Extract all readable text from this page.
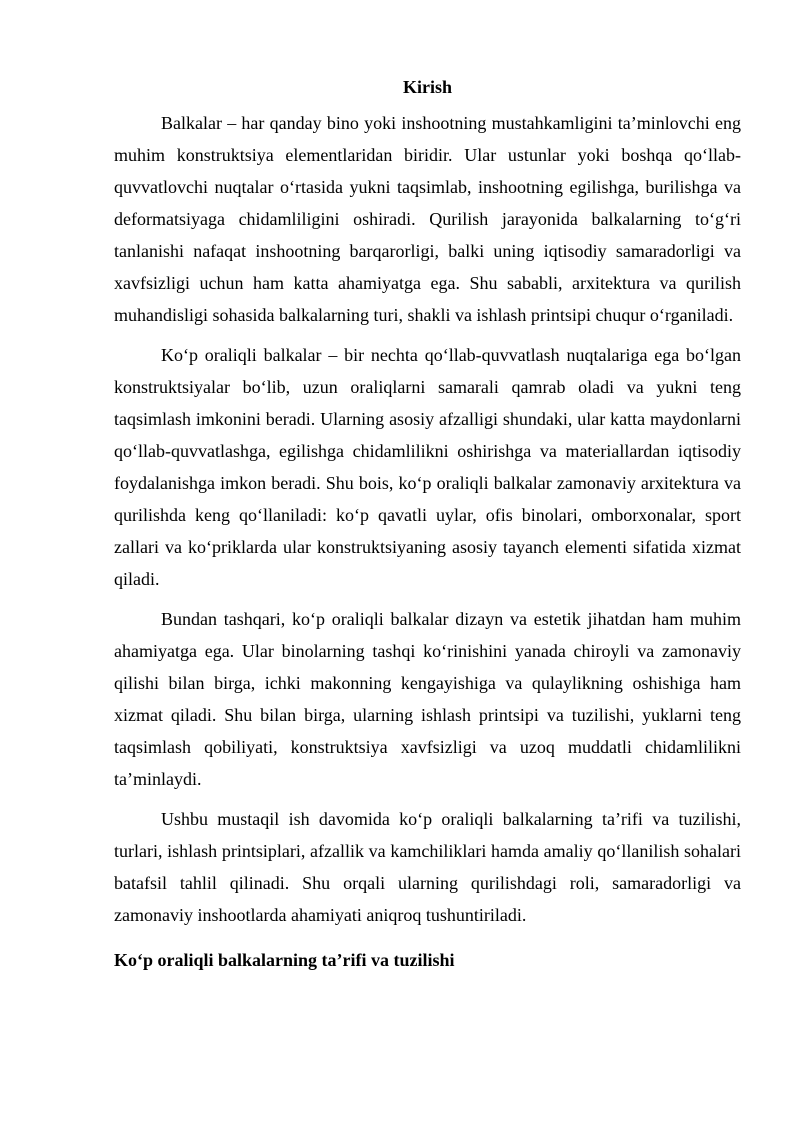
Kirish

Balkalar – har qanday bino yoki inshootning mustahkamligini ta’minlovchi eng muhim konstruktsiya elementlaridan biridir. Ular ustunlar yoki boshqa qo‘llab-quvvatlovchi nuqtalar o‘rtasida yukni taqsimlab, inshootning egilishga, burilishga va deformatsiyaga chidamliligini oshiradi. Qurilish jarayonida balkalarning to‘g‘ri tanlanishi nafaqat inshootning barqarorligi, balki uning iqtisodiy samaradorligi va xavfsizligi uchun ham katta ahamiyatga ega. Shu sababli, arxitektura va qurilish muhandisligi sohasida balkalarning turi, shakli va ishlash printsipi chuqur o‘rganiladi.

Ko‘p oraliqli balkalar – bir nechta qo‘llab-quvvatlash nuqtalariga ega bo‘lgan konstruktsiyalar bo‘lib, uzun oraliqlarni samarali qamrab oladi va yukni teng taqsimlash imkonini beradi. Ularning asosiy afzalligi shundaki, ular katta maydonlarni qo‘llab-quvvatlashga, egilishga chidamlilikni oshirishga va materiallardan iqtisodiy foydalanishga imkon beradi. Shu bois, ko‘p oraliqli balkalar zamonaviy arxitektura va qurilishda keng qo‘llaniladi: ko‘p qavatli uylar, ofis binolari, omborxonalar, sport zallari va ko‘priklarda ular konstruktsiyaning asosiy tayanch elementi sifatida xizmat qiladi.

Bundan tashqari, ko‘p oraliqli balkalar dizayn va estetik jihatdan ham muhim ahamiyatga ega. Ular binolarning tashqi ko‘rinishini yanada chiroyli va zamonaviy qilishi bilan birga, ichki makonning kengayishiga va qulaylikning oshishiga ham xizmat qiladi. Shu bilan birga, ularning ishlash printsipi va tuzilishi, yuklarni teng taqsimlash qobiliyati, konstruktsiya xavfsizligi va uzoq muddatli chidamlilikni ta’minlaydi.

Ushbu mustaqil ish davomida ko‘p oraliqli balkalarning ta’rifi va tuzilishi, turlari, ishlash printsiplari, afzallik va kamchiliklari hamda amaliy qo‘llanilish sohalari batafsil tahlil qilinadi. Shu orqali ularning qurilishdagi roli, samaradorligi va zamonaviy inshootlarda ahamiyati aniqroq tushuntiriladi.

Ko‘p oraliqli balkalarning ta’rifi va tuzilishi
